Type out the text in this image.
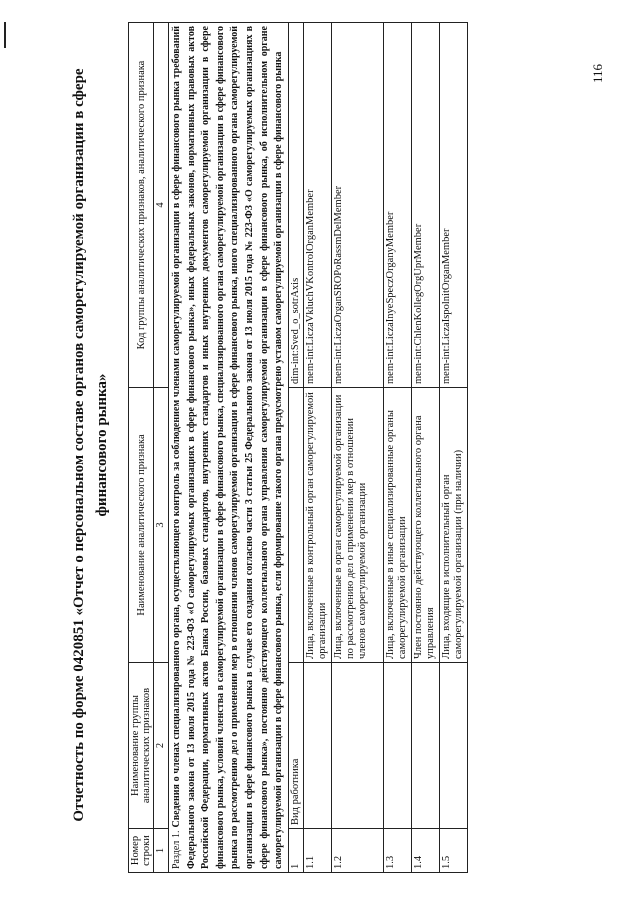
Отчетность по форме 0420851 «Отчет о персональном составе органов саморегулируемой организации в сфере финансового рынка»
Номер строки	Наименование группы аналитических признаков	Наименование аналитического признака	Код группы аналитических признаков, аналитического признака
1	2	3	4

Раздел 1.Сведения о членах специализированного органа, осуществляющего контроль за соблюдением членами саморегулируемой организации в сфере финансового рынка требований Федерального закона от 13 июля 2015 года № 223-ФЗ «О саморегулируемых организациях в сфере финансового рынка», иных федеральных законов, нормативных правовых актов Российской Федерации, нормативных актов Банка России, базовых стандартов, внутренних стандартов и иных внутренних документов саморегулируемой организации в сфере финансового рынка, условий членства в саморегулируемой организации в сфере финансового рынка, специализированного органа саморегулируемой организации в сфере финансового рынка по рассмотрению дел о применении мер в отношении членов саморегулируемой организации в сфере финансового рынка, иного специализированного органа саморегулируемой организации в сфере финансового рынка в случае его создания согласно части 3 статьи 25 Федерального закона от 13 июля 2015 года № 223-ФЗ «О саморегулируемых организациях в сфере финансового рынка», постоянно действующего коллегиального органа управления саморегулируемой организации в сфере финансового рынка, об исполнительном органе саморегулируемой организации в сфере финансового рынка, если формирование такого органа предусмотрено уставом саморегулируемой организации в сфере финансового рынка			

1	Вид работника		dim-int:Sved_o_sotrAxis
1.1		Лица, включенные в контрольный орган саморегулируемой организации	mem-int:LiczaVkluchVKontrolOrganMember
1.2		Лица, включенные в орган саморегулируемой организации по рассмотрению дел о применении мер в отношении членов саморегулируемой организации	mem-int:LiczaOrganSROPoRassmDelMember
1.3		Лица, включенные в иные специализированные органы саморегулируемой организации	mem-int:LiczaInyeSpeczOrganyMember
1.4		Член постоянно действующего коллегиального органа управления	mem-int:ChlenKollegOrgUprMember
1.5		Лица, входящие в исполнительный орган саморегулируемой организации (при наличии)	mem-int:LiczaIspolnitOrganMember
116
